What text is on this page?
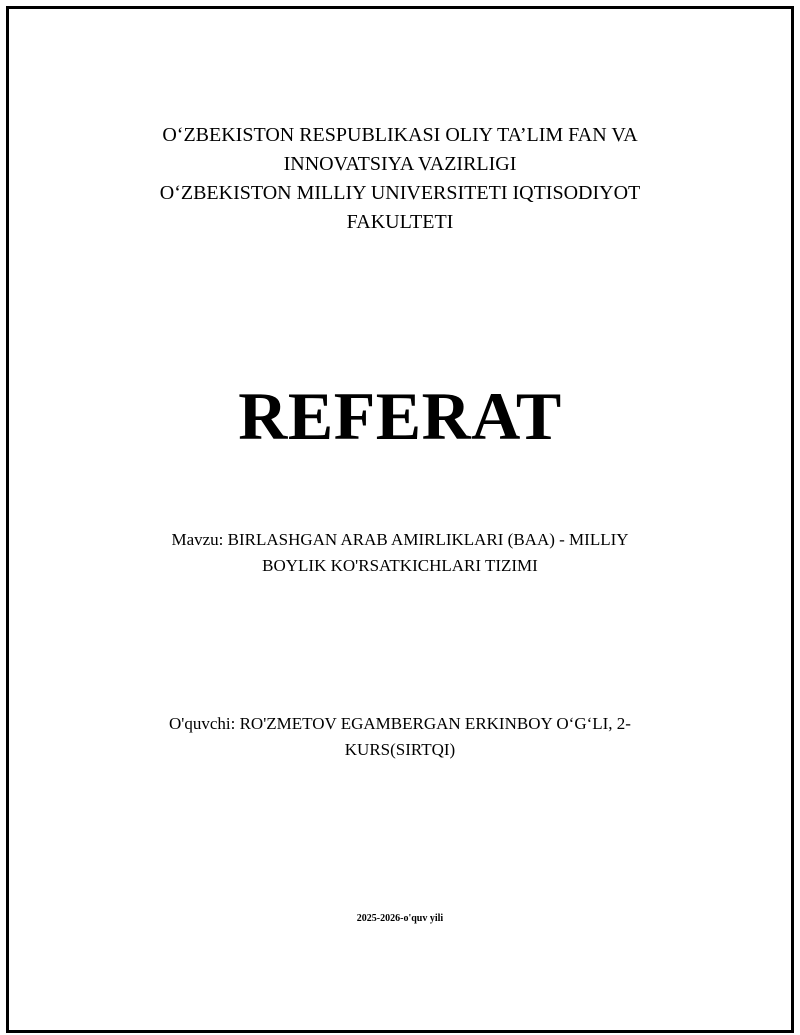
O‘ZBEKISTON RESPUBLIKASI OLIY TA’LIM FAN VA
INNOVATSIYA VAZIRLIGI
O‘ZBEKISTON MILLIY UNIVERSITETI IQTISODIYOT
FAKULTETI
REFERAT
Mavzu: BIRLASHGAN ARAB AMIRLIKLARI (BAA) - MILLIY
BOYLIK KO'RSATKICHLARI TIZIMI
O'quvchi: RO'ZMETOV EGAMBERGAN ERKINBOY O‘G‘LI, 2-
KURS(SIRTQI)
2025-2026-o'quv yili
